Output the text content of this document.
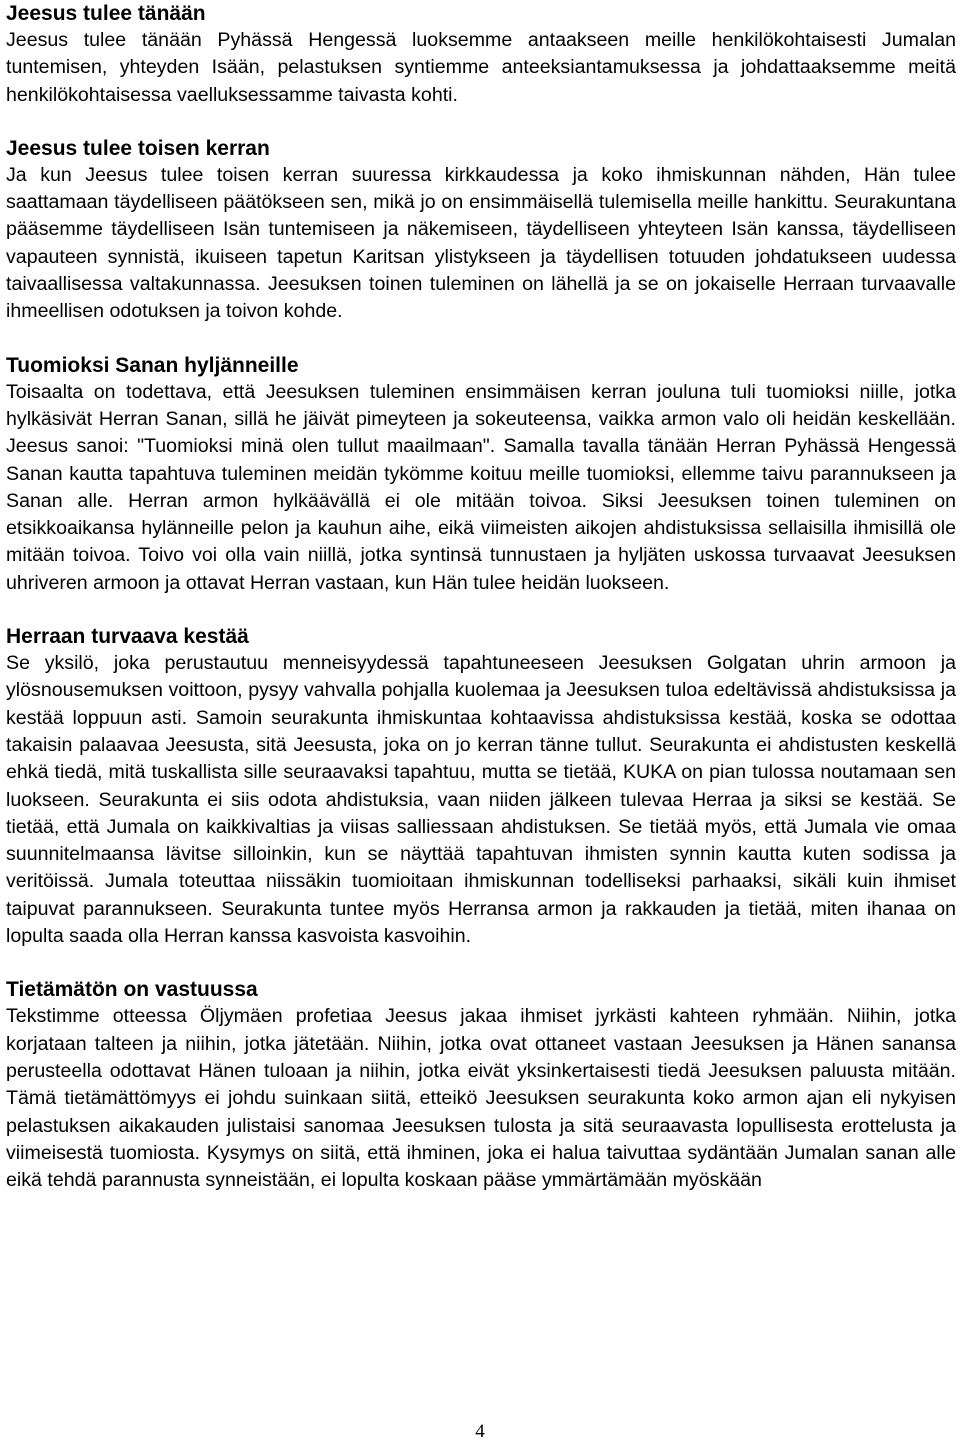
Jeesus tulee tänään

Jeesus tulee tänään Pyhässä Hengessä luoksemme antaakseen meille henkilökohtaisesti Jumalan tuntemisen, yhteyden Isään, pelastuksen syntiemme anteeksiantamuksessa ja johdattaaksemme meitä henkilökohtaisessa vaelluksessamme taivasta kohti.

Jeesus tulee toisen kerran

Ja kun Jeesus tulee toisen kerran suuressa kirkkaudessa ja koko ihmiskunnan nähden, Hän tulee saattamaan täydelliseen päätökseen sen, mikä jo on ensimmäisellä tulemisella meille hankittu. Seurakuntana pääsemme täydelliseen Isän tuntemiseen ja näkemiseen, täydelliseen yhteyteen Isän kanssa, täydelliseen vapauteen synnistä, ikuiseen tapetun Karitsan ylistykseen ja täydellisen totuuden johdatukseen uudessa taivaallisessa valtakunnassa. Jeesuksen toinen tuleminen on lähellä ja se on jokaiselle Herraan turvaavalle ihmeellisen odotuksen ja toivon kohde.

Tuomioksi Sanan hyljänneille

Toisaalta on todettava, että Jeesuksen tuleminen ensimmäisen kerran jouluna tuli tuomioksi niille, jotka hylkäsivät Herran Sanan, sillä he jäivät pimeyteen ja sokeuteensa, vaikka armon valo oli heidän keskellään. Jeesus sanoi: "Tuomioksi minä olen tullut maailmaan". Samalla tavalla tänään Herran Pyhässä Hengessä Sanan kautta tapahtuva tuleminen meidän tykömme koituu meille tuomioksi, ellemme taivu parannukseen ja Sanan alle. Herran armon hylkäävällä ei ole mitään toivoa. Siksi Jeesuksen toinen tuleminen on etsikkoaikansa hylänneille pelon ja kauhun aihe, eikä viimeisten aikojen ahdistuksissa sellaisilla ihmisillä ole mitään toivoa. Toivo voi olla vain niillä, jotka syntinsä tunnustaen ja hyljäten uskossa turvaavat Jeesuksen uhriveren armoon ja ottavat Herran vastaan, kun Hän tulee heidän luokseen.

Herraan turvaava kestää

Se yksilö, joka perustautuu menneisyydessä tapahtuneeseen Jeesuksen Golgatan uhrin armoon ja ylösnousemuksen voittoon, pysyy vahvalla pohjalla kuolemaa ja Jeesuksen tuloa edeltävissä ahdistuksissa ja kestää loppuun asti. Samoin seurakunta ihmiskuntaa kohtaavissa ahdistuksissa kestää, koska se odottaa takaisin palaavaa Jeesusta, sitä Jeesusta, joka on jo kerran tänne tullut. Seurakunta ei ahdistusten keskellä ehkä tiedä, mitä tuskallista sille seuraavaksi tapahtuu, mutta se tietää, KUKA on pian tulossa noutamaan sen luokseen. Seurakunta ei siis odota ahdistuksia, vaan niiden jälkeen tulevaa Herraa ja siksi se kestää. Se tietää, että Jumala on kaikkivaltias ja viisas salliessaan ahdistuksen. Se tietää myös, että Jumala vie omaa suunnitelmaansa lävitse silloinkin, kun se näyttää tapahtuvan ihmisten synnin kautta kuten sodissa ja veritöissä. Jumala toteuttaa niissäkin tuomioitaan ihmiskunnan todelliseksi parhaaksi, sikäli kuin ihmiset taipuvat parannukseen. Seurakunta tuntee myös Herransa armon ja rakkauden ja tietää, miten ihanaa on lopulta saada olla Herran kanssa kasvoista kasvoihin.

Tietämätön on vastuussa

Tekstimme otteessa Öljymäen profetiaa Jeesus jakaa ihmiset jyrkästi kahteen ryhmään. Niihin, jotka korjataan talteen ja niihin, jotka jätetään. Niihin, jotka ovat ottaneet vastaan Jeesuksen ja Hänen sanansa perusteella odottavat Hänen tuloaan ja niihin, jotka eivät yksinkertaisesti tiedä Jeesuksen paluusta mitään. Tämä tietämättömyys ei johdu suinkaan siitä, etteikö Jeesuksen seurakunta koko armon ajan eli nykyisen pelastuksen aikakauden julistaisi sanomaa Jeesuksen tulosta ja sitä seuraavasta lopullisesta erottelusta ja viimeisestä tuomiosta. Kysymys on siitä, että ihminen, joka ei halua taivuttaa sydäntään Jumalan sanan alle eikä tehdä parannusta synneistään, ei lopulta koskaan pääse ymmärtämään myöskään

4
